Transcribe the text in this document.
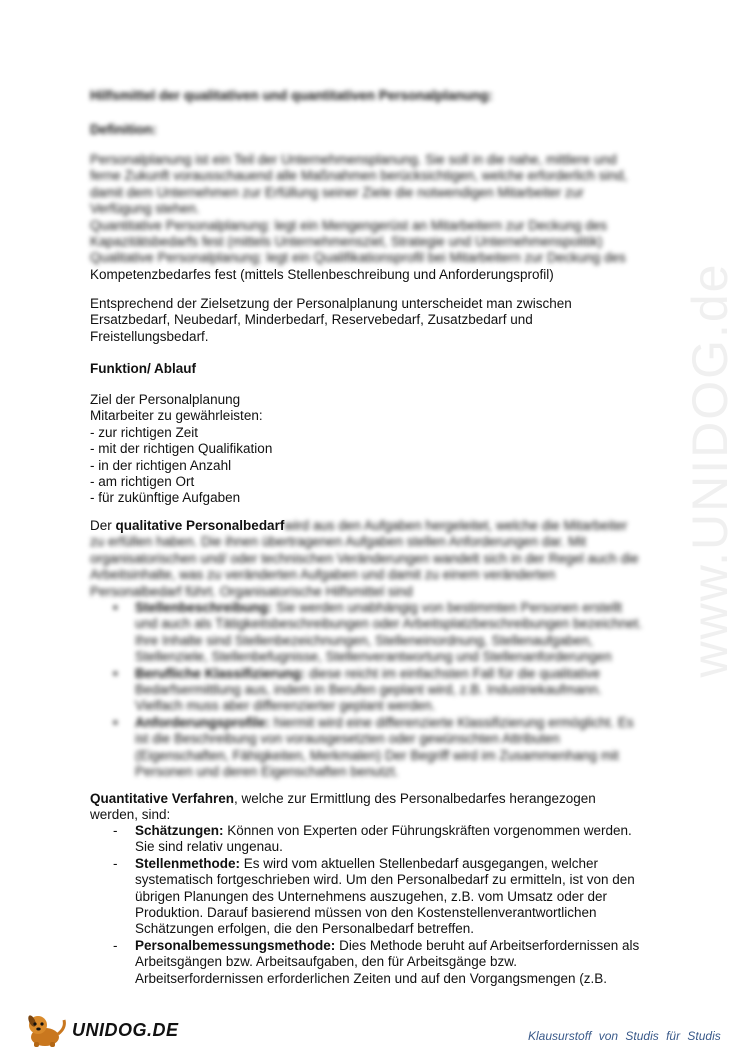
www.UNIDOG.de
Hilfsmittel der qualitativen und quantitativen Personalplanung:
Definition:
Personalplanung ist ein Teil der Unternehmensplanung. Sie soll in die nahe, mittlere und
ferne Zukunft vorausschauend alle Maßnahmen berücksichtigen, welche erforderlich sind,
damit dem Unternehmen zur Erfüllung seiner Ziele die notwendigen Mitarbeiter zur
Verfügung stehen.
Quantitative Personalplanung: legt ein Mengengerüst an Mitarbeitern zur Deckung des
Kapazitätsbedarfs fest (mittels Unternehmensziel, Strategie und Unternehmenspolitik)
Qualitative Personalplanung: legt ein Qualifikationsprofil bei Mitarbeitern zur Deckung des
Kompetenzbedarfes fest (mittels Stellenbeschreibung und Anforderungsprofil)
Entsprechend der Zielsetzung der Personalplanung unterscheidet man zwischen
Ersatzbedarf, Neubedarf, Minderbedarf, Reservebedarf, Zusatzbedarf und
Freistellungsbedarf.
Funktion/ Ablauf
Ziel der Personalplanung
Mitarbeiter zu gewährleisten:
- zur richtigen Zeit
- mit der richtigen Qualifikation
- in der richtigen Anzahl
- am richtigen Ort
- für zukünftige Aufgaben
Der qualitative Personalbedarfwird aus den Aufgaben hergeleitet, welche die Mitarbeiter
zu erfüllen haben. Die ihnen übertragenen Aufgaben stellen Anforderungen dar. Mit
organisatorischen und/ oder technischen Veränderungen wandelt sich in der Regel auch die
Arbeitsinhalte, was zu veränderten Aufgaben und damit zu einem veränderten
Personalbedarf führt. Organisatorische Hilfsmittel sind
• Stellenbeschreibung: Sie werden unabhängig von bestimmten Personen erstellt
und auch als Tätigkeitsbeschreibungen oder Arbeitsplatzbeschreibungen bezeichnet.
Ihre Inhalte sind Stellenbezeichnungen, Stelleneinordnung, Stellenaufgaben,
Stellenziele, Stellenbefugnisse, Stellenverantwortung und Stellenanforderungen
• Berufliche Klassifizierung: diese reicht im einfachsten Fall für die qualitative
Bedarfsermittlung aus, indem in Berufen geplant wird, z.B. Industriekaufmann.
Vielfach muss aber differenzierter geplant werden.
• Anforderungsprofile: hiermit wird eine differenzierte Klassifizierung ermöglicht. Es
ist die Beschreibung von vorausgesetzten oder gewünschten Attributen
(Eigenschaften, Fähigkeiten, Merkmalen) Der Begriff wird im Zusammenhang mit
Personen und deren Eigenschaften benutzt.
Quantitative Verfahren, welche zur Ermittlung des Personalbedarfes herangezogen
werden, sind:
- Schätzungen: Können von Experten oder Führungskräften vorgenommen werden.
Sie sind relativ ungenau.
- Stellenmethode: Es wird vom aktuellen Stellenbedarf ausgegangen, welcher
systematisch fortgeschrieben wird. Um den Personalbedarf zu ermitteln, ist von den
übrigen Planungen des Unternehmens auszugehen, z.B. vom Umsatz oder der
Produktion. Darauf basierend müssen von den Kostenstellenverantwortlichen
Schätzungen erfolgen, die den Personalbedarf betreffen.
- Personalbemessungsmethode: Dies Methode beruht auf Arbeitserfordernissen als
Arbeitsgängen bzw. Arbeitsaufgaben, den für Arbeitsgänge bzw.
Arbeitserfordernissen erforderlichen Zeiten und auf den Vorgangsmengen (z.B.
UNIDOG.DE	Klausurstoff von Studis für Studis
